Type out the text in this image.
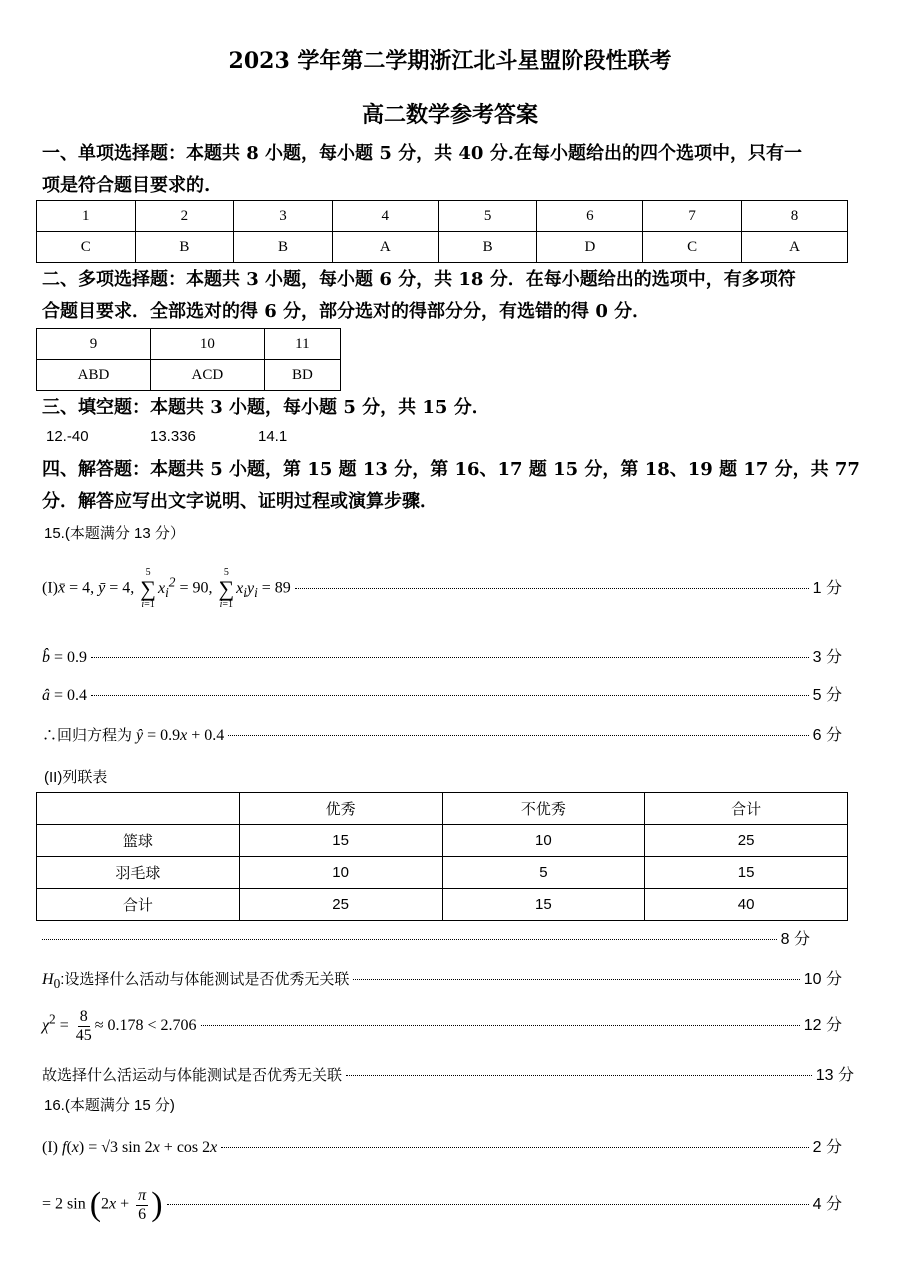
2023 学年第二学期浙江北斗星盟阶段性联考
高二数学参考答案
一、单项选择题：本题共 8 小题，每小题 5 分，共 40 分.在每小题给出的四个选项中，只有一
项是符合题目要求的.
1	2	3	4	5	6	7	8
C	B	B	A	B	D	C	A
二、多项选择题：本题共 3 小题，每小题 6 分，共 18 分．在每小题给出的选项中，有多项符
合题目要求．全部选对的得 6 分，部分选对的得部分分，有选错的得 0 分．
9	10	11
ABD	ACD	BD
三、填空题：本题共 3 小题，每小题 5 分，共 15 分．
12.-40	13.336	14.1
四、解答题：本题共 5 小题，第 15 题 13 分，第 16、17 题 15 分，第 18、19 题 17 分，共 77
分．解答应写出文字说明、证明过程或演算步骤．
15.(本题满分 13 分）
(I)x̄ = 4, ȳ = 4,
5
∑
i=1
$x_i^2 = 90$,
5
∑
i=1
$x_iy_i = 89$	1 分
b̂ = 0.9	3 分
â = 0.4	5 分
∴回归方程为 ŷ = 0.9x + 0.4	6 分
(II)列联表
	优秀	不优秀	合计
篮球	15	10	25
羽毛球	10	5	15
合计	25	15	40
8 分
$H_0$:设选择什么活动与体能测试是否优秀无关联	10 分
$\chi^2 = \frac{8}{45} \approx 0.178 < 2.706$	12 分
故选择什么活运动与体能测试是否优秀无关联	13 分
16.(本题满分 15 分)
(I) f(x) = √3 sin 2x + cos 2x	2 分
= 2 $\sin (2x + \frac{\pi}{6}$ )	4 分
